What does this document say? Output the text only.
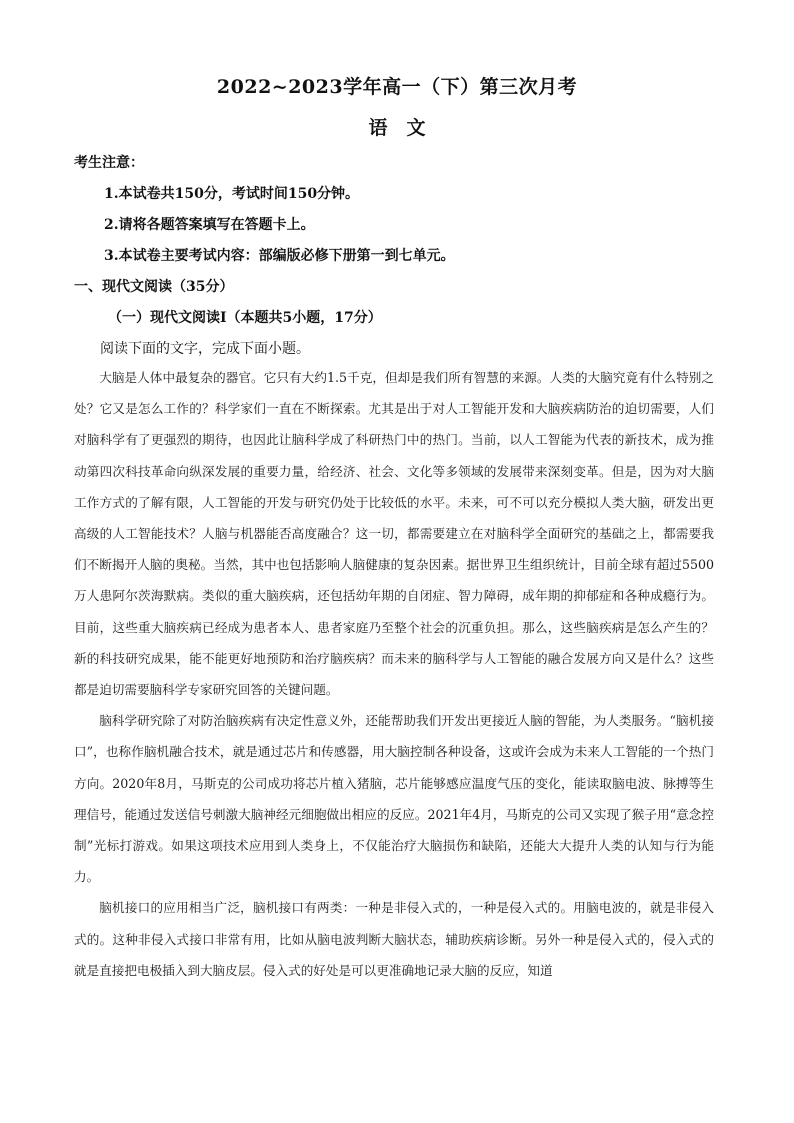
2022~2023学年高一（下）第三次月考
语　文
考生注意：
1.本试卷共150分，考试时间150分钟。
2.请将各题答案填写在答题卡上。
3.本试卷主要考试内容：部编版必修下册第一到七单元。
一、现代文阅读（35分）
（一）现代文阅读Ⅰ（本题共5小题，17分）
阅读下面的文字，完成下面小题。

大脑是人体中最复杂的器官。它只有大约1.5千克，但却是我们所有智慧的来源。人类的大脑究竟有什么特别之处？它又是怎么工作的？科学家们一直在不断探索。尤其是出于对人工智能开发和大脑疾病防治的迫切需要，人们对脑科学有了更强烈的期待，也因此让脑科学成了科研热门中的热门。当前，以人工智能为代表的新技术，成为推动第四次科技革命向纵深发展的重要力量，给经济、社会、文化等多领域的发展带来深刻变革。但是，因为对大脑工作方式的了解有限，人工智能的开发与研究仍处于比较低的水平。未来，可不可以充分模拟人类大脑，研发出更高级的人工智能技术？人脑与机器能否高度融合？这一切，都需要建立在对脑科学全面研究的基础之上，都需要我们不断揭开人脑的奥秘。当然，其中也包括影响人脑健康的复杂因素。据世界卫生组织统计，目前全球有超过5500万人患阿尔茨海默病。类似的重大脑疾病，还包括幼年期的自闭症、智力障碍，成年期的抑郁症和各种成瘾行为。目前，这些重大脑疾病已经成为患者本人、患者家庭乃至整个社会的沉重负担。那么，这些脑疾病是怎么产生的？新的科技研究成果，能不能更好地预防和治疗脑疾病？而未来的脑科学与人工智能的融合发展方向又是什么？这些都是迫切需要脑科学专家研究回答的关键问题。

脑科学研究除了对防治脑疾病有决定性意义外，还能帮助我们开发出更接近人脑的智能，为人类服务。“脑机接口”，也称作脑机融合技术，就是通过芯片和传感器，用大脑控制各种设备，这或许会成为未来人工智能的一个热门方向。2020年8月，马斯克的公司成功将芯片植入猪脑，芯片能够感应温度气压的变化，能读取脑电波、脉搏等生理信号，能通过发送信号刺激大脑神经元细胞做出相应的反应。2021年4月，马斯克的公司又实现了猴子用“意念控制”光标打游戏。如果这项技术应用到人类身上，不仅能治疗大脑损伤和缺陷，还能大大提升人类的认知与行为能力。

脑机接口的应用相当广泛，脑机接口有两类：一种是非侵入式的，一种是侵入式的。用脑电波的，就是非侵入式的。这种非侵入式接口非常有用，比如从脑电波判断大脑状态，辅助疾病诊断。另外一种是侵入式的，侵入式的就是直接把电极插入到大脑皮层。侵入式的好处是可以更准确地记录大脑的反应，知道
